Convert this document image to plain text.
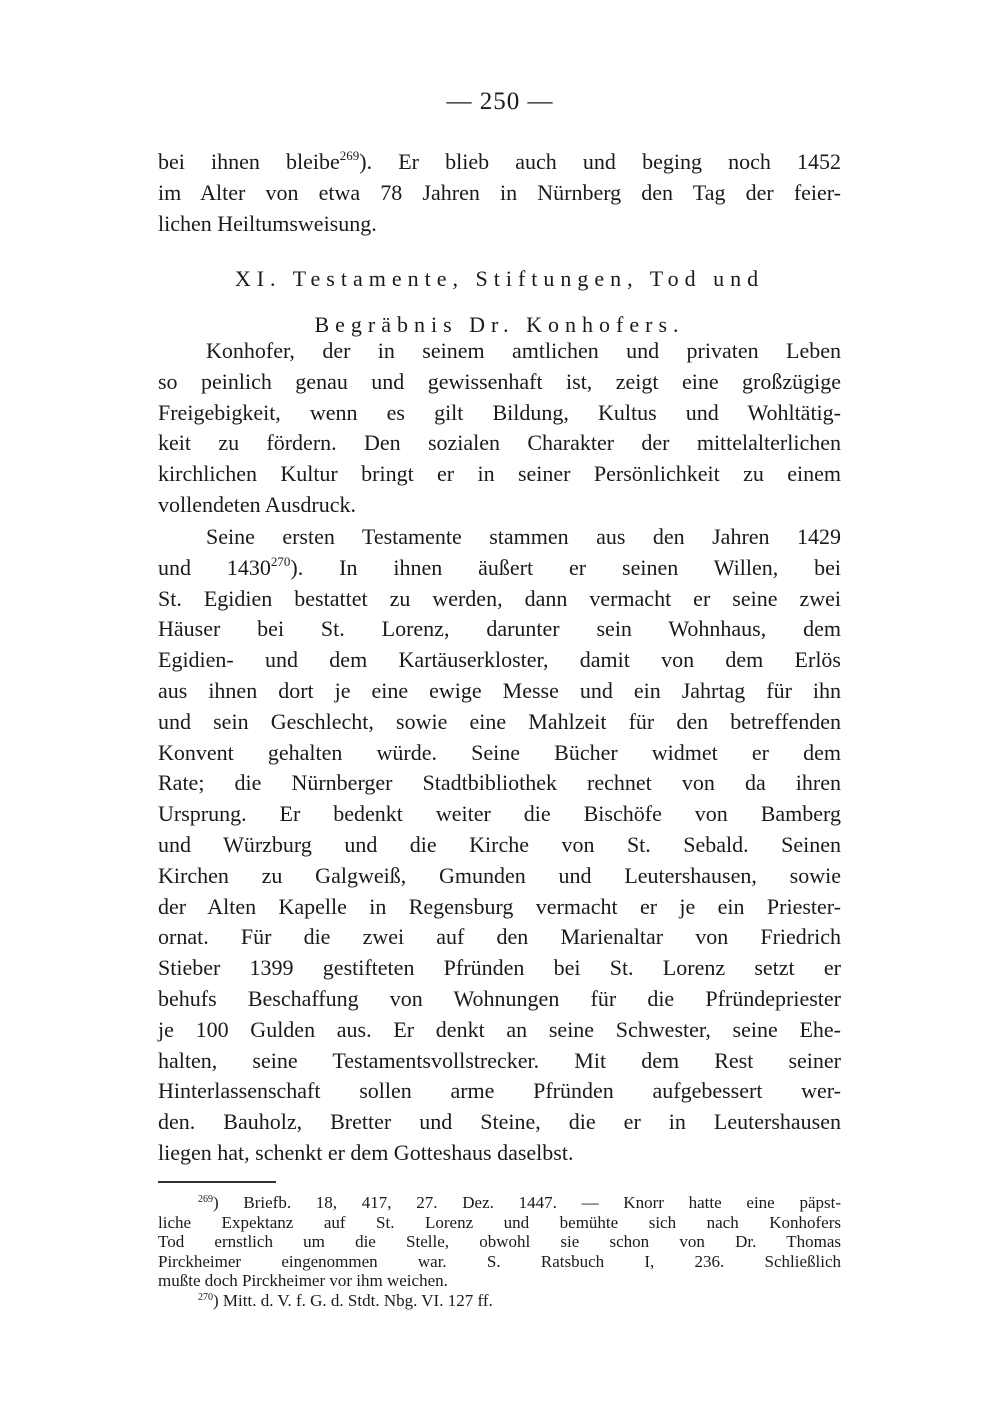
— 250 —
bei ihnen bleibe$^{269}$). Er blieb auch und beging noch 1452
im Alter von etwa 78 Jahren in Nürnberg den Tag der feier-
lichen Heiltumsweisung.
XI. Testamente, Stiftungen, Tod und
Begräbnis Dr. Konhofers.
Konhofer, der in seinem amtlichen und privaten Leben
so peinlich genau und gewissenhaft ist, zeigt eine großzügige
Freigebigkeit, wenn es gilt Bildung, Kultus und Wohltätig-
keit zu fördern. Den sozialen Charakter der mittelalterlichen
kirchlichen Kultur bringt er in seiner Persönlichkeit zu einem
vollendeten Ausdruck.
Seine ersten Testamente stammen aus den Jahren 1429
und 1430$^{270}$). In ihnen äußert er seinen Willen, bei
St. Egidien bestattet zu werden, dann vermacht er seine zwei
Häuser bei St. Lorenz, darunter sein Wohnhaus, dem
Egidien- und dem Kartäuserkloster, damit von dem Erlös
aus ihnen dort je eine ewige Messe und ein Jahrtag für ihn
und sein Geschlecht, sowie eine Mahlzeit für den betreffenden
Konvent gehalten würde. Seine Bücher widmet er dem
Rate; die Nürnberger Stadtbibliothek rechnet von da ihren
Ursprung. Er bedenkt weiter die Bischöfe von Bamberg
und Würzburg und die Kirche von St. Sebald. Seinen
Kirchen zu Galgweiß, Gmunden und Leutershausen, sowie
der Alten Kapelle in Regensburg vermacht er je ein Priester-
ornat. Für die zwei auf den Marienaltar von Friedrich
Stieber 1399 gestifteten Pfründen bei St. Lorenz setzt er
behufs Beschaffung von Wohnungen für die Pfründepriester
je 100 Gulden aus. Er denkt an seine Schwester, seine Ehe-
halten, seine Testamentsvollstrecker. Mit dem Rest seiner
Hinterlassenschaft sollen arme Pfründen aufgebessert wer-
den. Bauholz, Bretter und Steine, die er in Leutershausen
liegen hat, schenkt er dem Gotteshaus daselbst.
$^{269}$) Briefb. 18, 417, 27. Dez. 1447. — Knorr hatte eine päpst-
liche Expektanz auf St. Lorenz und bemühte sich nach Konhofers
Tod ernstlich um die Stelle, obwohl sie schon von Dr. Thomas
Pirckheimer eingenommen war. S. Ratsbuch I, 236. Schließlich
mußte doch Pirckheimer vor ihm weichen.
$^{270}$) Mitt. d. V. f. G. d. Stdt. Nbg. VI. 127 ff.
